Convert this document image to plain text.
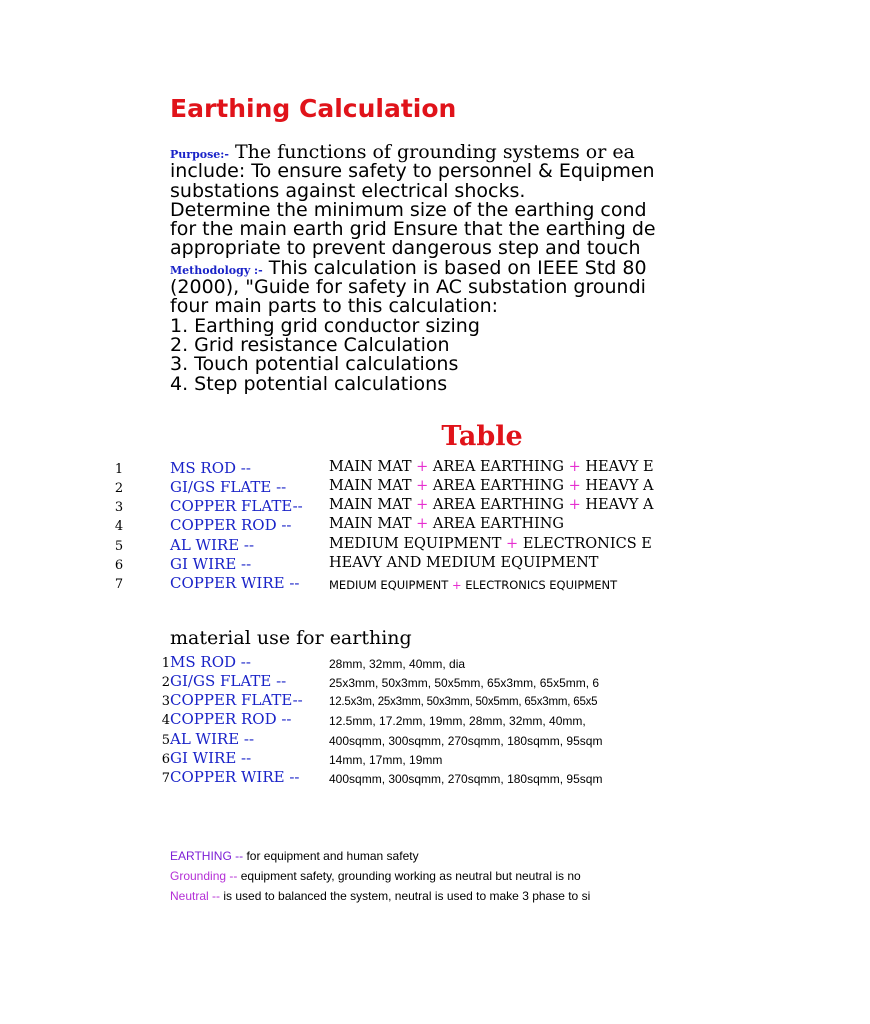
Earthing Calculation
Purpose:- The functions of grounding systems or ea
include: To ensure safety to personnel & Equipmen
substations against electrical shocks.
Determine the minimum size of the earthing cond
for the main earth grid Ensure that the earthing de
appropriate to prevent dangerous step and touch
Methodology :- This calculation is based on IEEE Std 80
(2000), "Guide for safety in AC substation groundi
four main parts to this calculation:
1. Earthing grid conductor sizing
2. Grid resistance Calculation
3. Touch potential calculations
4. Step potential calculations
Table
1	MS ROD --	MAIN MAT + AREA EARTHING + HEAVY E
2	GI/GS FLATE --	MAIN MAT + AREA EARTHING + HEAVY A
3	COPPER FLATE-- MAIN MAT + AREA EARTHING + HEAVY A
4	COPPER ROD --	MAIN MAT + AREA EARTHING
5	AL WIRE --	MEDIUM EQUIPMENT + ELECTRONICS E
6	GI WIRE --	HEAVY AND MEDIUM EQUIPMENT
7	COPPER WIRE --	MEDIUM EQUIPMENT + ELECTRONICS EQUIPMENT
material use for earthing
1 MS ROD --	28mm, 32mm, 40mm, dia
2 GI/GS FLATE --	25x3mm, 50x3mm, 50x5mm, 65x3mm, 65x5mm, 6
3 COPPER FLATE-- 12.5x3m, 25x3mm, 50x3mm, 50x5mm, 65x3mm, 65x5
4 COPPER ROD --	12.5mm, 17.2mm, 19mm, 28mm, 32mm, 40mm,
5 AL WIRE --	400sqmm, 300sqmm, 270sqmm, 180sqmm, 95sqm
6 GI WIRE --	14mm, 17mm, 19mm
7 COPPER WIRE -- 400sqmm, 300sqmm, 270sqmm, 180sqmm, 95sqm
EARTHING -- for equipment and human safety
Grounding -- equipment safety, grounding working as neutral but neutral is no
Neutral -- is used to balanced the system, neutral is used to make 3 phase to si
